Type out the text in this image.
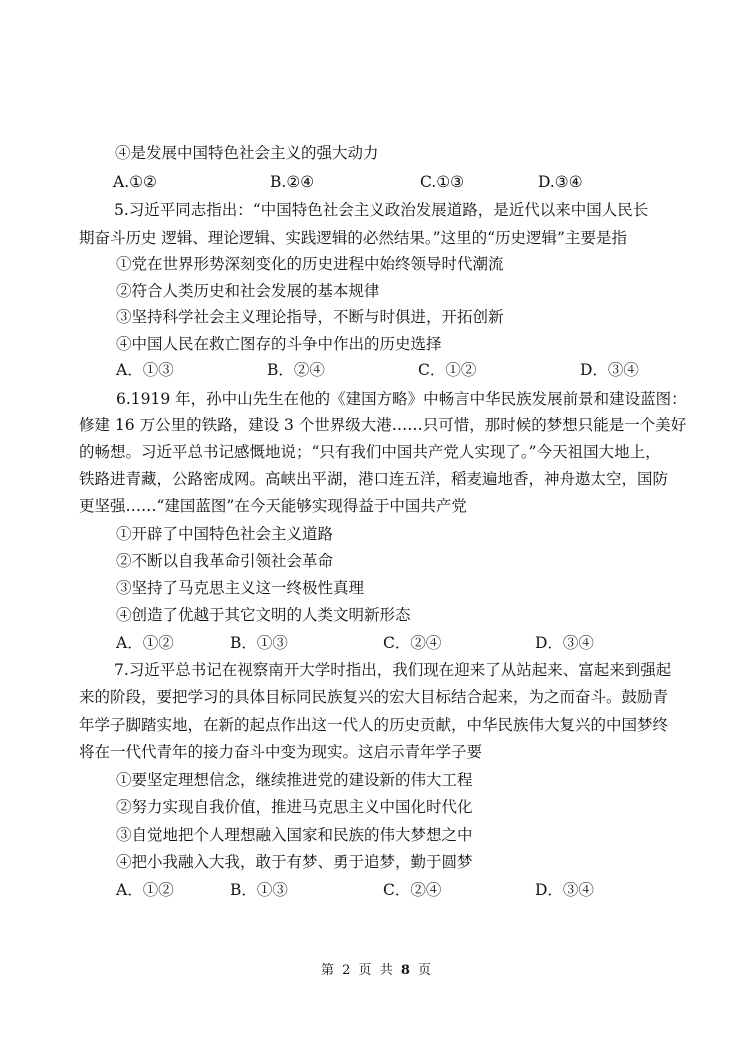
④是发展中国特色社会主义的强大动力
A.①②	B.②④	C.①③	D.③④
5.习近平同志指出：“中国特色社会主义政治发展道路，是近代以来中国人民长
期奋斗历史 逻辑、理论逻辑、实践逻辑的必然结果。”这里的“历史逻辑”主要是指
①党在世界形势深刻变化的历史进程中始终领导时代潮流
②符合人类历史和社会发展的基本规律
③坚持科学社会主义理论指导，不断与时俱进，开拓创新
④中国人民在救亡图存的斗争中作出的历史选择
A．①③	B．②④	C．①②	D．③④
6.1919 年，孙中山先生在他的《建国方略》中畅言中华民族发展前景和建设蓝图：
修建 16 万公里的铁路，建设 3 个世界级大港……只可惜，那时候的梦想只能是一个美好
的畅想。习近平总书记感慨地说；“只有我们中国共产党人实现了。”今天祖国大地上，
铁路进青藏，公路密成网。高峡出平湖，港口连五洋，稻麦遍地香，神舟遨太空，国防
更坚强……“建国蓝图”在今天能够实现得益于中国共产党
①开辟了中国特色社会主义道路
②不断以自我革命引领社会革命
③坚持了马克思主义这一终极性真理
④创造了优越于其它文明的人类文明新形态
A．①②	B．①③	C．②④	D．③④
7.习近平总书记在视察南开大学时指出，我们现在迎来了从站起来、富起来到强起
来的阶段，要把学习的具体目标同民族复兴的宏大目标结合起来，为之而奋斗。鼓励青
年学子脚踏实地，在新的起点作出这一代人的历史贡献，中华民族伟大复兴的中国梦终
将在一代代青年的接力奋斗中变为现实。这启示青年学子要
①要坚定理想信念，继续推进党的建设新的伟大工程
②努力实现自我价值，推进马克思主义中国化时代化
③自觉地把个人理想融入国家和民族的伟大梦想之中
④把小我融入大我，敢于有梦、勇于追梦，勤于圆梦
A．①②	B．①③	C．②④	D．③④
第 2 页 共 8 页
